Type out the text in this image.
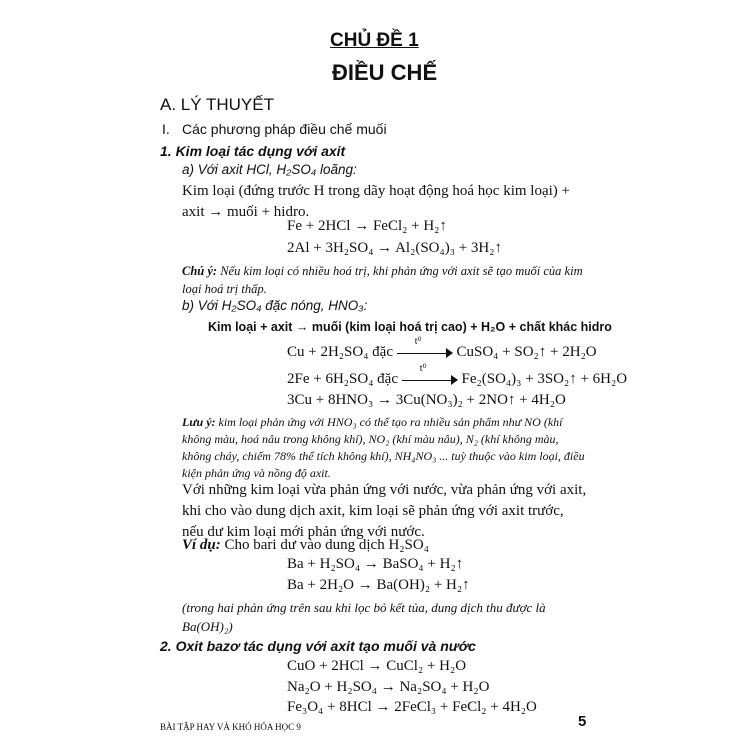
CHỦ ĐỀ 1
ĐIỀU CHẾ
A. LÝ THUYẾT
I. Các phương pháp điều chế muối
1. Kim loại tác dụng với axit
a) Với axit HCl, H₂SO₄ loãng:
Kim loại (đứng trước H trong dãy hoạt động hoá học kim loại) + axit → muối + hidro.
Fe + 2HCl → FeCl₂ + H₂↑
2Al + 3H₂SO₄ → Al₂(SO₄)₃ + 3H₂↑
Chú ý: Nếu kim loại có nhiều hoá trị, khi phản ứng với axit sẽ tạo muối của kim loại hoá trị thấp.
b) Với H₂SO₄ đặc nóng, HNO₃:
Kim loại + axit → muối (kim loại hoá trị cao) + H₂O + chất khác hidro
Cu + 2H₂SO₄ đặc
t⁰
CuSO₄ + SO₂↑ + 2H₂O
2Fe + 6H₂SO₄ đặc
t⁰
Fe₂(SO₄)₃ + 3SO₂↑ + 6H₂O
3Cu + 8HNO₃ → 3Cu(NO₃)₂ + 2NO↑ + 4H₂O
Lưu ý: kim loại phản ứng với HNO₃ có thể tạo ra nhiều sản phẩm như NO (khí không màu, hoá nâu trong không khí), NO₂ (khí màu nâu), N₂ (khí không màu, không cháy, chiếm 78% thể tích không khí), NH₄NO₃ ... tuỳ thuộc vào kim loại, điều kiện phản ứng và nồng độ axit.
Với những kim loại vừa phản ứng với nước, vừa phản ứng với axit, khi cho vào dung dịch axit, kim loại sẽ phản ứng với axit trước, nếu dư kim loại mới phản ứng với nước.
Ví dụ: Cho bari dư vào dung dịch H₂SO₄
Ba + H₂SO₄ → BaSO₄ + H₂↑
Ba + 2H₂O → Ba(OH)₂ + H₂↑
(trong hai phản ứng trên sau khi lọc bỏ kết tủa, dung dịch thu được là Ba(OH)₂)
2. Oxit bazơ tác dụng với axit tạo muối và nước
CuO + 2HCl → CuCl₂ + H₂O
Na₂O + H₂SO₄ → Na₂SO₄ + H₂O
Fe₃O₄ + 8HCl → 2FeCl₃ + FeCl₂ + 4H₂O
BÀI TẬP HAY VÀ KHÓ HÓA HỌC 9	5
